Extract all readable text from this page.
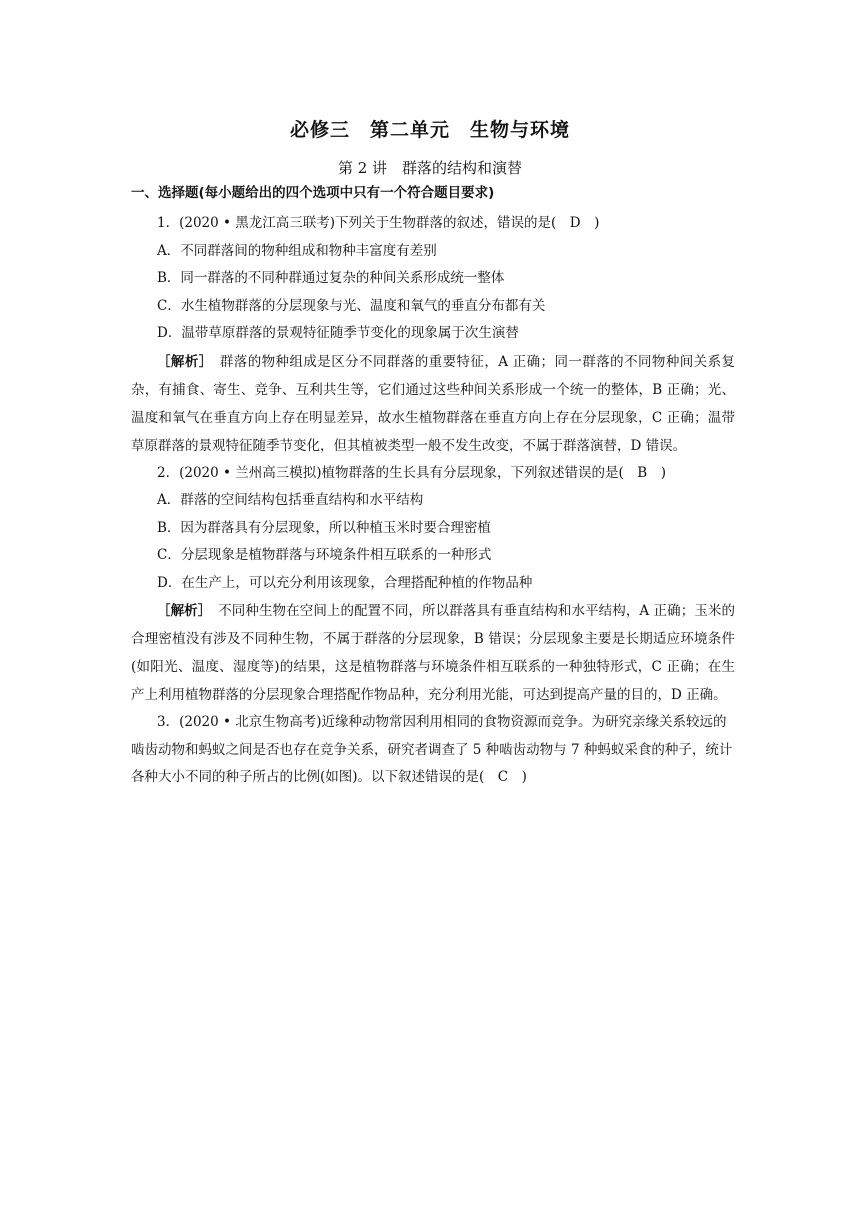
必修三　第二单元　生物与环境
第 2 讲　群落的结构和演替
一、选择题(每小题给出的四个选项中只有一个符合题目要求)

1．(2020 • 黑龙江高三联考)下列关于生物群落的叙述，错误的是(　D　)

A．不同群落间的物种组成和物种丰富度有差别

B．同一群落的不同种群通过复杂的种间关系形成统一整体

C．水生植物群落的分层现象与光、温度和氧气的垂直分布都有关

D．温带草原群落的景观特征随季节变化的现象属于次生演替

［解析］　群落的物种组成是区分不同群落的重要特征，A 正确；同一群落的不同物种间关系复杂，有捕食、寄生、竞争、互利共生等，它们通过这些种间关系形成一个统一的整体，B 正确；光、温度和氧气在垂直方向上存在明显差异，故水生植物群落在垂直方向上存在分层现象，C 正确；温带草原群落的景观特征随季节变化，但其植被类型一般不发生改变，不属于群落演替，D 错误。

2．(2020 • 兰州高三模拟)植物群落的生长具有分层现象，下列叙述错误的是(　B　)

A．群落的空间结构包括垂直结构和水平结构

B．因为群落具有分层现象，所以种植玉米时要合理密植

C．分层现象是植物群落与环境条件相互联系的一种形式

D．在生产上，可以充分利用该现象，合理搭配种植的作物品种

［解析］　不同种生物在空间上的配置不同，所以群落具有垂直结构和水平结构，A 正确；玉米的合理密植没有涉及不同种生物，不属于群落的分层现象，B 错误；分层现象主要是长期适应环境条件(如阳光、温度、湿度等)的结果，这是植物群落与环境条件相互联系的一种独特形式，C 正确；在生产上利用植物群落的分层现象合理搭配作物品种，充分利用光能，可达到提高产量的目的，D 正确。

3．(2020 • 北京生物高考)近缘种动物常因利用相同的食物资源而竞争。为研究亲缘关系较远的啮齿动物和蚂蚁之间是否也存在竞争关系，研究者调查了 5 种啮齿动物与 7 种蚂蚁采食的种子，统计各种大小不同的种子所占的比例(如图)。以下叙述错误的是(　C　)
